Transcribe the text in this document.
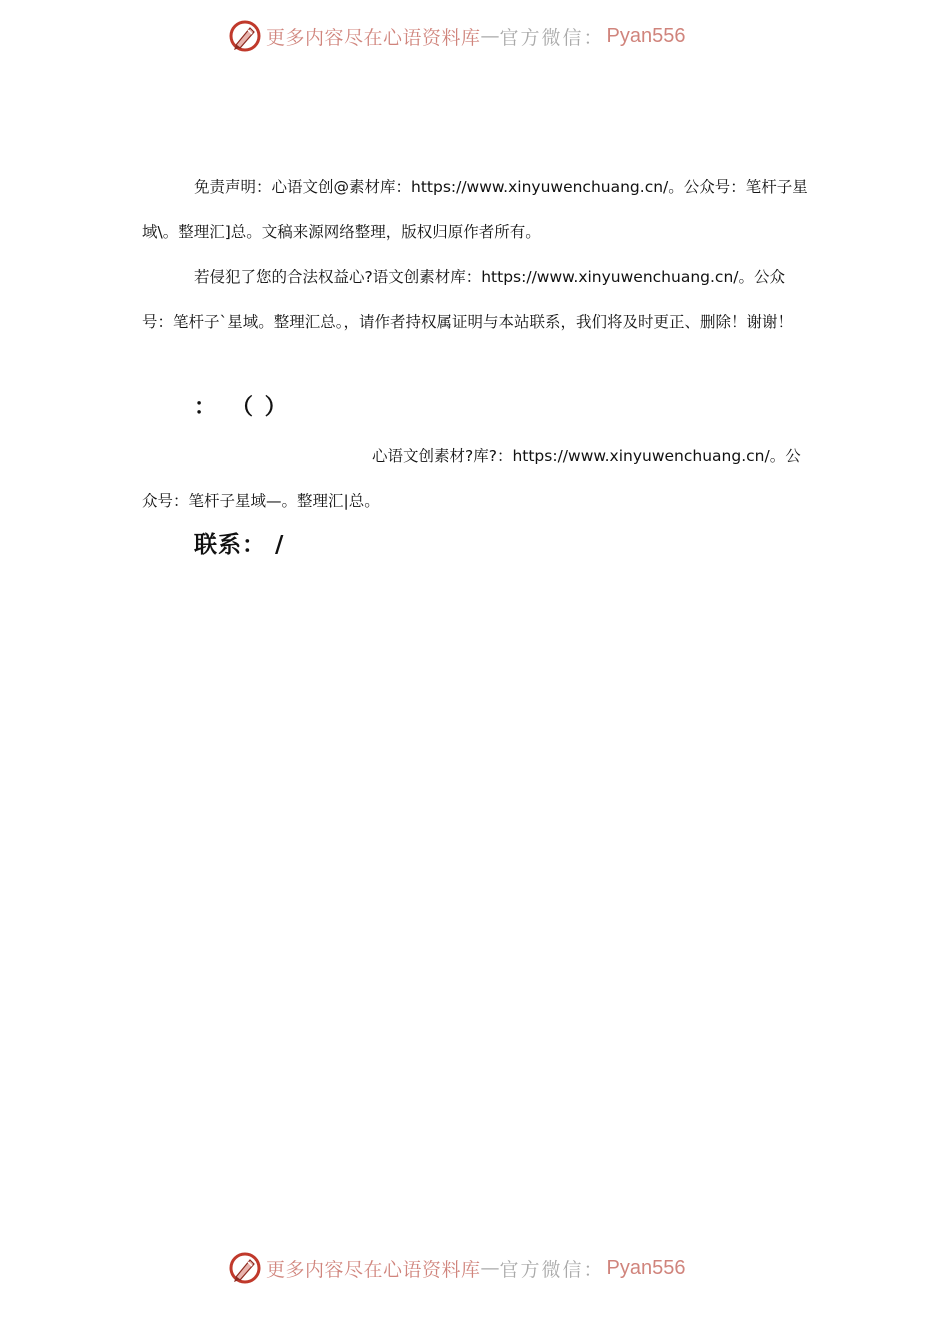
更多内容尽在心语资料库 — 官方微信： Pyan556
免责声明：心语文创@素材库：https://www.xinyuwenchuang.cn/。公众号：笔杆子星域\。整理汇]总。文稿来源网络整理，版权归原作者所有。
若侵犯了您的合法权益心?语文创素材库：https://www.xinyuwenchuang.cn/。公众号：笔杆子`星域。整理汇总。，请作者持权属证明与本站联系，我们将及时更正、删除！谢谢！
： （ ）
心语文创素材?库?：https://www.xinyuwenchuang.cn/。公众号：笔杆子星域—。整理汇|总。
联系： /
更多内容尽在心语资料库 — 官方微信： Pyan556
